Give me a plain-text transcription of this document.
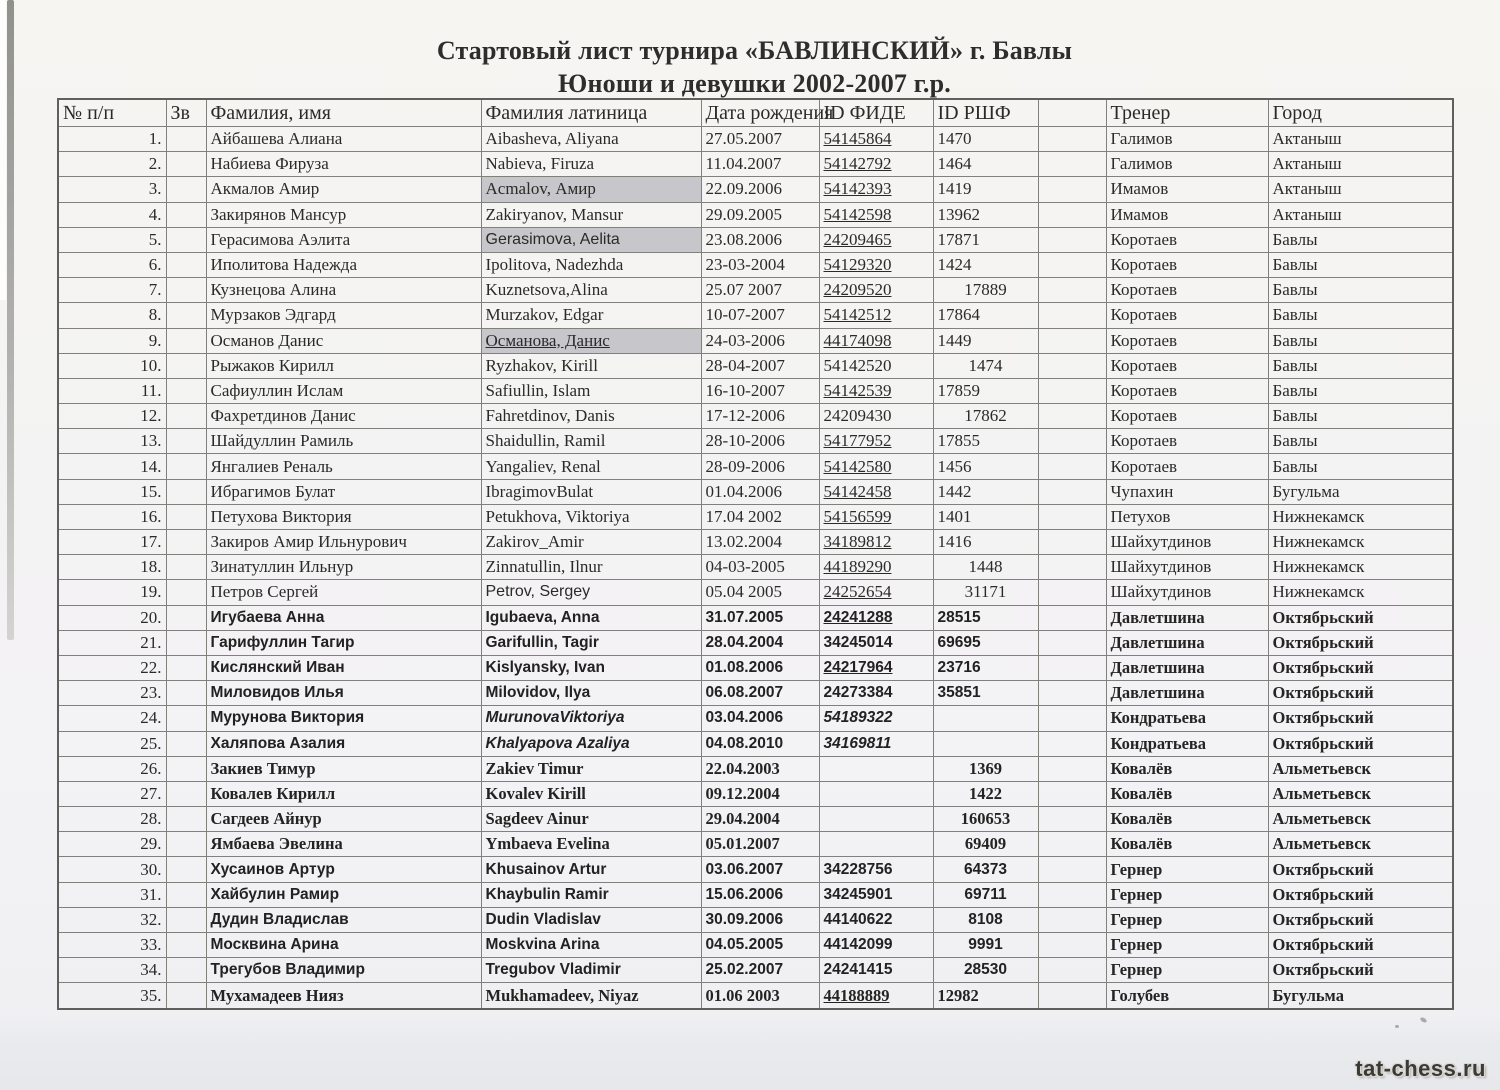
Стартовый лист турнира «БАВЛИНСКИЙ» г. Бавлы
Юноши и девушки 2002-2007 г.р.
№ п/п	Зв	Фамилия, имя	Фамилия латиница	Дата рождения	ID ФИДЕ	ID РШФ		Тренер	Город
1.		Айбашева Алиана	Aibasheva, Aliyana	27.05.2007	54145864	1470		Галимов	Актаныш
2.		Набиева Фируза	Nabieva, Firuza	11.04.2007	54142792	1464		Галимов	Актаныш
3.		Акмалов Амир	Acmalov, Амир	22.09.2006	54142393	1419		Имамов	Актаныш
4.		Закирянов Мансур	Zakiryanov, Mansur	29.09.2005	54142598	13962		Имамов	Актаныш
5.		Герасимова Аэлита	Gerasimova, Aelita	23.08.2006	24209465	17871		Коротаев	Бавлы
6.		Иполитова Надежда	Ipolitova, Nadezhda	23-03-2004	54129320	1424		Коротаев	Бавлы
7.		Кузнецова Алина	Kuznetsova,Alina	25.07 2007	24209520	17889		Коротаев	Бавлы
8.		Мурзаков Эдгард	Murzakov, Edgar	10-07-2007	54142512	17864		Коротаев	Бавлы
9.		Османов Данис	Османова, Данис	24-03-2006	44174098	1449		Коротаев	Бавлы
10.		Рыжаков Кирилл	Ryzhakov, Kirill	28-04-2007	54142520	1474		Коротаев	Бавлы
11.		Сафиуллин Ислам	Safiullin, Islam	16-10-2007	54142539	17859		Коротаев	Бавлы
12.		Фахретдинов Данис	Fahretdinov, Danis	17-12-2006	24209430	17862		Коротаев	Бавлы
13.		Шайдуллин Рамиль	Shaidullin, Ramil	28-10-2006	54177952	17855		Коротаев	Бавлы
14.		Янгалиев Реналь	Yangaliev, Renal	28-09-2006	54142580	1456		Коротаев	Бавлы
15.		Ибрагимов Булат	IbragimovBulat	01.04.2006	54142458	1442		Чупахин	Бугульма
16.		Петухова Виктория	Petukhova, Viktoriya	17.04 2002	54156599	1401		Петухов	Нижнекамск
17.		Закиров Амир Ильнурович	Zakirov_Amir	13.02.2004	34189812	1416		Шайхутдинов	Нижнекамск
18.		Зинатуллин Ильнур	Zinnatullin, Ilnur	04-03-2005	44189290	1448		Шайхутдинов	Нижнекамск
19.		Петров Сергей	Petrov, Sergey	05.04 2005	24252654	31171		Шайхутдинов	Нижнекамск
20.		Игубаева Анна	Igubaeva, Anna	31.07.2005	24241288	28515		Давлетшина	Октябрьский
21.		Гарифуллин Тагир	Garifullin, Tagir	28.04.2004	34245014	69695		Давлетшина	Октябрьский
22.		Кислянский Иван	Kislyansky, Ivan	01.08.2006	24217964	23716		Давлетшина	Октябрьский
23.		Миловидов Илья	Milovidov, Ilya	06.08.2007	24273384	35851		Давлетшина	Октябрьский
24.		Мурунова Виктория	MurunovaViktoriya	03.04.2006	54189322			Кондратьева	Октябрьский
25.		Халяпова Азалия	Khalyapova Azaliya	04.08.2010	34169811			Кондратьева	Октябрьский
26.		Закиев Тимур	Zakiev Timur	22.04.2003		1369		Ковалёв	Альметьевск
27.		Ковалев Кирилл	Kovalev Kirill	09.12.2004		1422		Ковалёв	Альметьевск
28.		Сагдеев Айнур	Sagdeev Ainur	29.04.2004		160653		Ковалёв	Альметьевск
29.		Ямбаева Эвелина	Ymbaeva Evelina	05.01.2007		69409		Ковалёв	Альметьевск
30.		Хусаинов Артур	Khusainov Artur	03.06.2007	34228756	64373		Гернер	Октябрьский
31.		Хайбулин Рамир	Khaybulin Ramir	15.06.2006	34245901	69711		Гернер	Октябрьский
32.		Дудин Владислав	Dudin Vladislav	30.09.2006	44140622	8108		Гернер	Октябрьский
33.		Москвина Арина	Moskvina Arina	04.05.2005	44142099	9991		Гернер	Октябрьский
34.		Трегубов Владимир	Tregubov Vladimir	25.02.2007	24241415	28530		Гернер	Октябрьский
35.		Мухамадеев Нияз	Mukhamadeev, Niyaz	01.06 2003	44188889	12982		Голубев	Бугульма
tat-chess.ru
